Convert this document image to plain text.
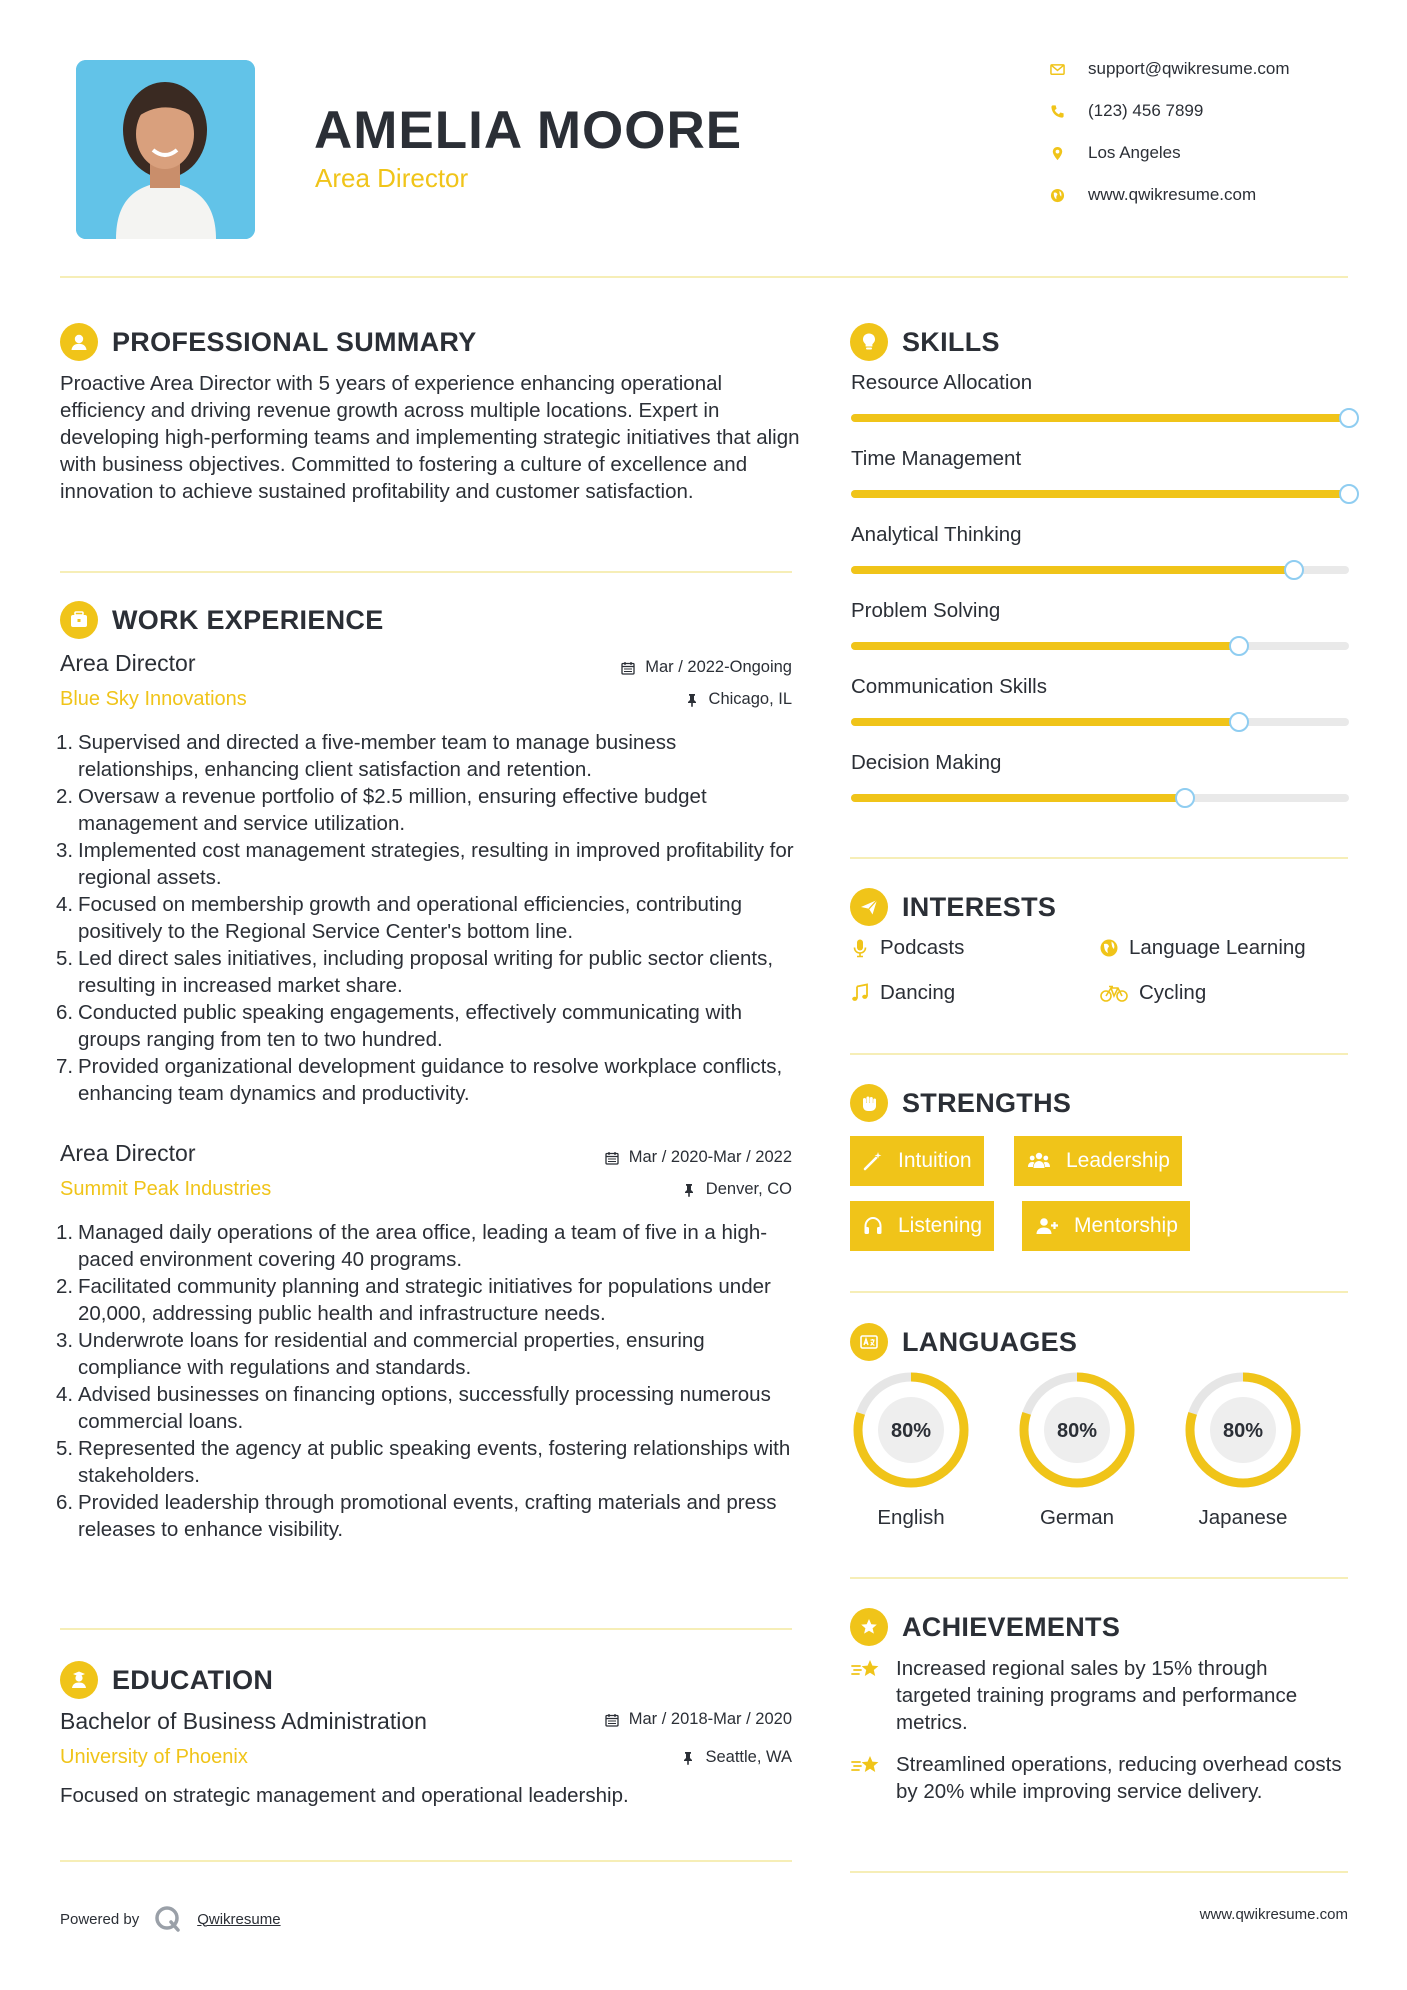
AMELIA MOORE
Area Director
support@qwikresume.com
(123) 456 7899
Los Angeles
www.qwikresume.com
PROFESSIONAL SUMMARY
Proactive Area Director with 5 years of experience enhancing operational efficiency and driving revenue growth across multiple locations. Expert in developing high-performing teams and implementing strategic initiatives that align with business objectives. Committed to fostering a culture of excellence and innovation to achieve sustained profitability and customer satisfaction.
WORK EXPERIENCE
Area Director	Mar / 2022-Ongoing
Blue Sky Innovations	Chicago, IL
1. Supervised and directed a five-member team to manage business relationships, enhancing client satisfaction and retention.
2. Oversaw a revenue portfolio of $2.5 million, ensuring effective budget management and service utilization.
3. Implemented cost management strategies, resulting in improved profitability for regional assets.
4. Focused on membership growth and operational efficiencies, contributing positively to the Regional Service Center's bottom line.
5. Led direct sales initiatives, including proposal writing for public sector clients, resulting in increased market share.
6. Conducted public speaking engagements, effectively communicating with groups ranging from ten to two hundred.
7. Provided organizational development guidance to resolve workplace conflicts, enhancing team dynamics and productivity.
Area Director	Mar / 2020-Mar / 2022
Summit Peak Industries	Denver, CO
1. Managed daily operations of the area office, leading a team of five in a high-paced environment covering 40 programs.
2. Facilitated community planning and strategic initiatives for populations under 20,000, addressing public health and infrastructure needs.
3. Underwrote loans for residential and commercial properties, ensuring compliance with regulations and standards.
4. Advised businesses on financing options, successfully processing numerous commercial loans.
5. Represented the agency at public speaking events, fostering relationships with stakeholders.
6. Provided leadership through promotional events, crafting materials and press releases to enhance visibility.
EDUCATION
Bachelor of Business Administration	Mar / 2018-Mar / 2020
University of Phoenix	Seattle, WA
Focused on strategic management and operational leadership.
SKILLS
Resource Allocation
Time Management
Analytical Thinking
Problem Solving
Communication Skills
Decision Making
INTERESTS
Podcasts	Language Learning
Dancing	Cycling
STRENGTHS
Intuition	Leadership
Listening	Mentorship
LANGUAGES
80%
English
80%
German
80%
Japanese
ACHIEVEMENTS
Increased regional sales by 15% through targeted training programs and performance metrics.
Streamlined operations, reducing overhead costs by 20% while improving service delivery.
Powered by	Qwikresume	www.qwikresume.com
